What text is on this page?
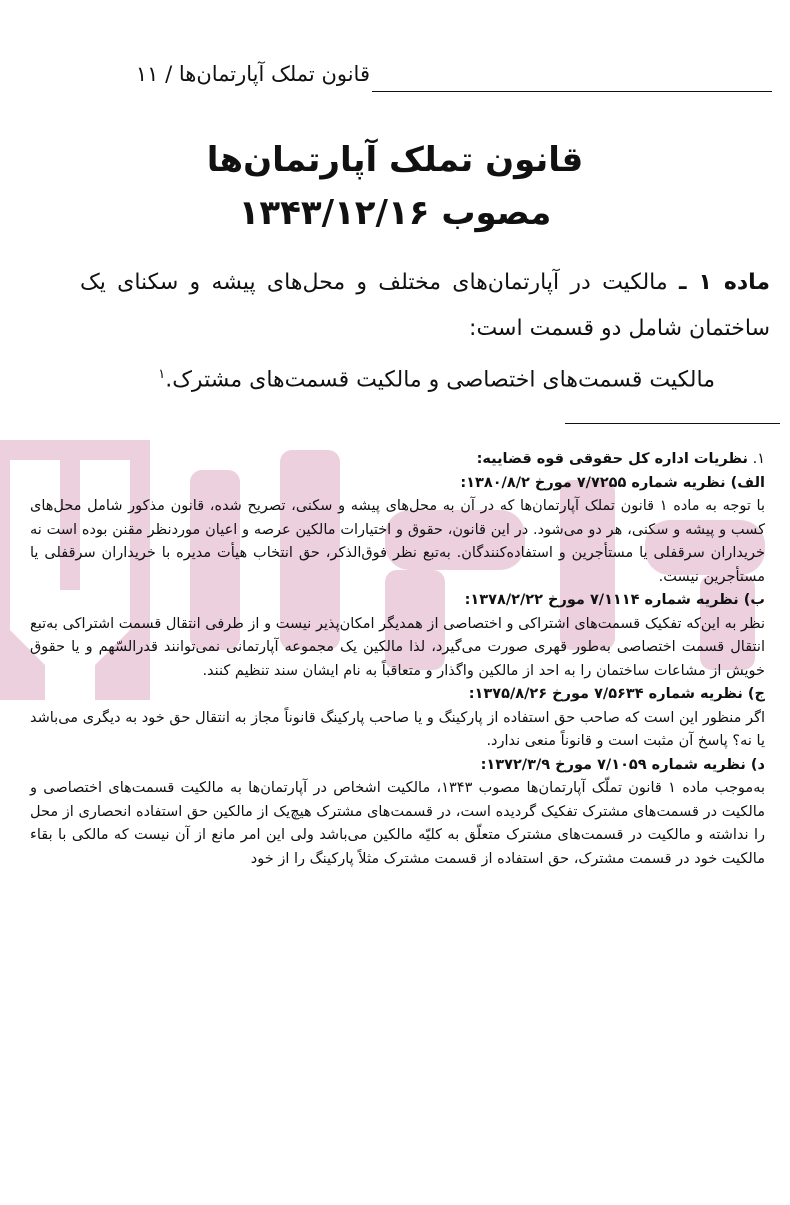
قانون تملک آپارتمان‌ها / ۱۱
قانون تملک آپارتمان‌ها
مصوب ۱۳۴۳/۱۲/۱۶
ماده ۱ ـ مالکیت در آپارتمان‌های مختلف و محل‌های پیشه و سکنای یک ساختمان شامل دو قسمت است:
مالکیت قسمت‌های اختصاصی و مالکیت قسمت‌های مشترک.$^۱$

۱. نظریات اداره کل حقوقی قوه قضاییه:

الف) نظریه شماره ۷/۷۲۵۵ مورخ ۱۳۸۰/۸/۲:

با توجه به ماده ۱ قانون تملک آپارتمان‌ها که در آن به محل‌های پیشه و سکنی، تصریح شده، قانون مذکور شامل محل‌های کسب و پیشه و سکنی، هر دو می‌شود. در این قانون، حقوق و اختیارات مالکین عرصه و اعیان موردنظر مقنن بوده است نه خریداران سرقفلی یا مستأجرین و استفاده‌کنندگان. به‌تبع نظر فوق‌الذکر، حق انتخاب هیأت مدیره با خریداران سرقفلی یا مستأجرین نیست.

ب) نظریه شماره ۷/۱۱۱۴ مورخ ۱۳۷۸/۲/۲۲:

نظر به این‌که تفکیک قسمت‌های اشتراکی و اختصاصی از همدیگر امکان‌پذیر نیست و از طرفی انتقال قسمت اشتراکی به‌تبع انتقال قسمت اختصاصی به‌طور قهری صورت می‌گیرد، لذا مالکین یک مجموعه آپارتمانی نمی‌توانند قدرالسّهم و یا حقوق خویش از مشاعات ساختمان را به احد از مالکین واگذار و متعاقباً به نام ایشان سند تنظیم کنند.

ج) نظریه شماره ۷/۵۶۳۴ مورخ ۱۳۷۵/۸/۲۶:

اگر منظور این است که صاحب حق استفاده از پارکینگ و یا صاحب پارکینگ قانوناً مجاز به انتقال حق خود به دیگری می‌باشد یا نه؟ پاسخ آن مثبت است و قانوناً منعی ندارد.

د) نظریه شماره ۷/۱۰۵۹ مورخ ۱۳۷۲/۳/۹:

به‌موجب ماده ۱ قانون تملّک آپارتمان‌ها مصوب ۱۳۴۳، مالکیت اشخاص در آپارتمان‌ها به مالکیت قسمت‌های اختصاصی و مالکیت در قسمت‌های مشترک تفکیک گردیده است، در قسمت‌های مشترک هیچ‌یک از مالکین حق استفاده انحصاری از محل را نداشته و مالکیت در قسمت‌های مشترک متعلّق به کلیّه مالکین می‌باشد ولی این امر مانع از آن نیست که مالکی با بقاء مالکیت خود در قسمت مشترک، حق استفاده از قسمت مشترک مثلاً پارکینگ را از خود
